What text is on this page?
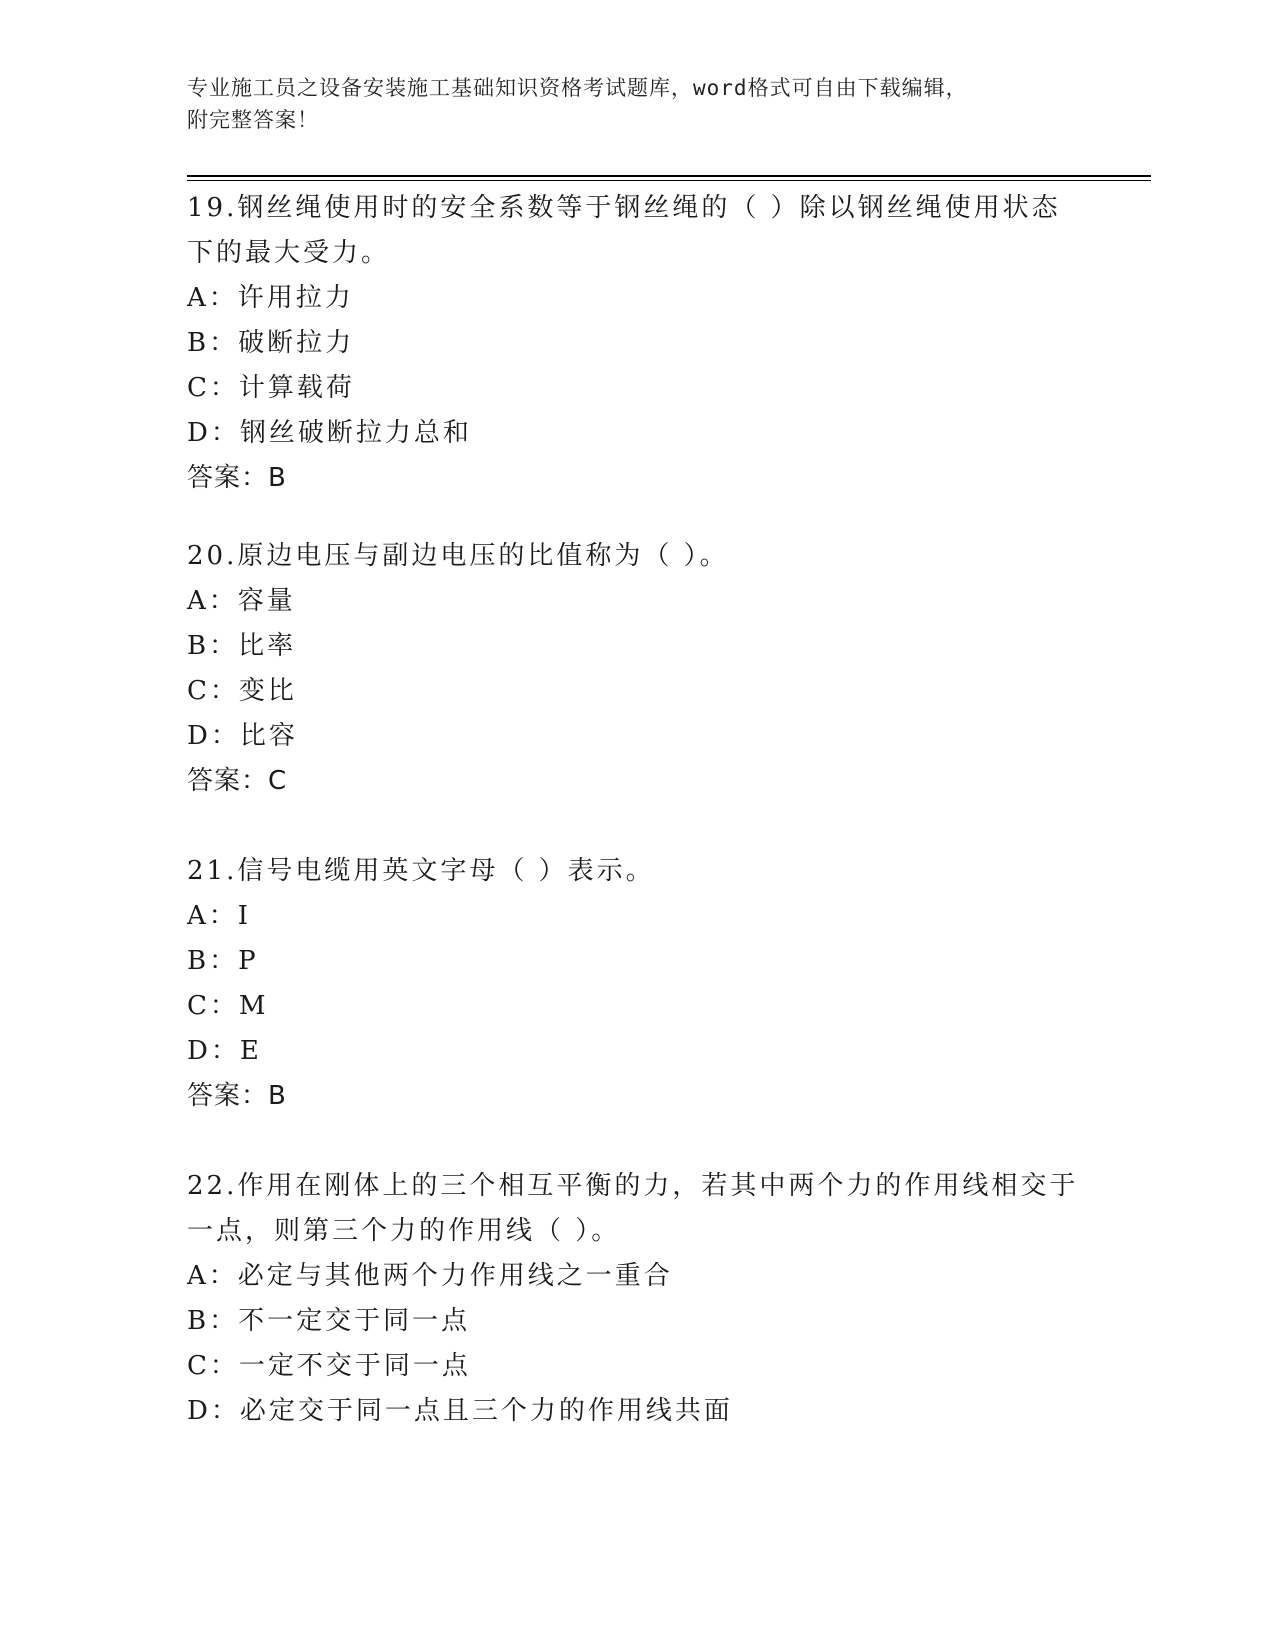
专业施工员之设备安装施工基础知识资格考试题库，word格式可自由下载编辑，
附完整答案！
19.钢丝绳使用时的安全系数等于钢丝绳的（ ）除以钢丝绳使用状态
下的最大受力。
A：许用拉力
B：破断拉力
C：计算载荷
D：钢丝破断拉力总和
答案：B
20.原边电压与副边电压的比值称为（ ）。
A：容量
B：比率
C：变比
D：比容
答案：C
21.信号电缆用英文字母（ ）表示。
A：I
B：P
C：M
D：E
答案：B
22.作用在刚体上的三个相互平衡的力，若其中两个力的作用线相交于
一点，则第三个力的作用线（ ）。
A：必定与其他两个力作用线之一重合
B：不一定交于同一点
C：一定不交于同一点
D：必定交于同一点且三个力的作用线共面
